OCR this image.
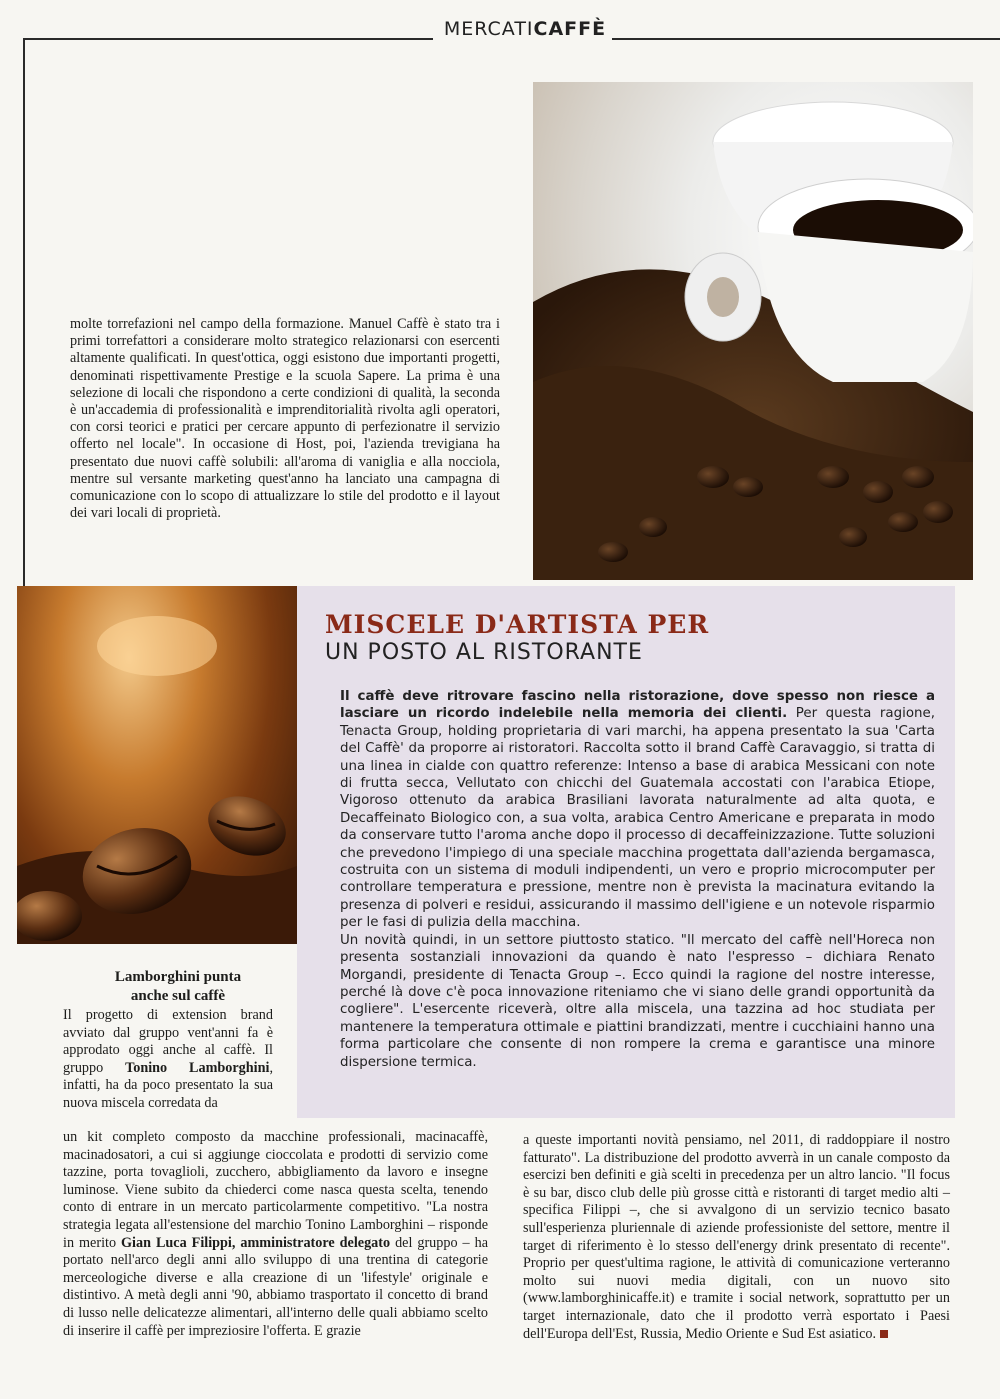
MERCATICAFFÈ
molte torrefazioni nel campo della formazione. Manuel Caffè è stato tra i primi torrefattori a considerare molto strategico relazionarsi con esercenti altamente qualificati. In quest'ottica, oggi esistono due importanti progetti, denominati rispettivamente Prestige e la scuola Sapere. La prima è una selezione di locali che rispondono a certe condizioni di qualità, la seconda è un'accademia di professionalità e imprenditorialità rivolta agli operatori, con corsi teorici e pratici per cercare appunto di perfezionatre il servizio offerto nel locale". In occasione di Host, poi, l'azienda trevigiana ha presentato due nuovi caffè solubili: all'aroma di vaniglia e alla nocciola, mentre sul versante marketing quest'anno ha lanciato una campagna di comunicazione con lo scopo di attualizzare lo stile del prodotto e il layout dei vari locali di proprietà.
MISCELE D'ARTISTA PER
UN POSTO AL RISTORANTE
Il caffè deve ritrovare fascino nella ristorazione, dove spesso non riesce a lasciare un ricordo indelebile nella memoria dei clienti. Per questa ragione, Tenacta Group, holding proprietaria di vari marchi, ha appena presentato la sua 'Carta del Caffè' da proporre ai ristoratori. Raccolta sotto il brand Caffè Caravaggio, si tratta di una linea in cialde con quattro referenze: Intenso a base di arabica Messicani con note di frutta secca, Vellutato con chicchi del Guatemala accostati con l'arabica Etiope, Vigoroso ottenuto da arabica Brasiliani lavorata naturalmente ad alta quota, e Decaffeinato Biologico con, a sua volta, arabica Centro Americane e preparata in modo da conservare tutto l'aroma anche dopo il processo di decaffeinizzazione. Tutte soluzioni che prevedono l'impiego di una speciale macchina progettata dall'azienda bergamasca, costruita con un sistema di moduli indipendenti, un vero e proprio microcomputer per controllare temperatura e pressione, mentre non è prevista la macinatura evitando la presenza di polveri e residui, assicurando il massimo dell'igiene e un notevole risparmio per le fasi di pulizia della macchina.
Un novità quindi, in un settore piuttosto statico. "Il mercato del caffè nell'Horeca non presenta sostanziali innovazioni da quando è nato l'espresso – dichiara Renato Morgandi, presidente di Tenacta Group –. Ecco quindi la ragione del nostre interesse, perché là dove c'è poca innovazione riteniamo che vi siano delle grandi opportunità da cogliere". L'esercente riceverà, oltre alla miscela, una tazzina ad hoc studiata per mantenere la temperatura ottimale e piattini brandizzati, mentre i cucchiaini hanno una forma particolare che consente di non rompere la crema e garantisce una minore dispersione termica.
Lamborghini punta
anche sul caffè
Il progetto di extension brand avviato dal gruppo vent'anni fa è approdato oggi anche al caffè. Il gruppo Tonino Lamborghini, infatti, ha da poco presentato la sua nuova miscela corredata da
un kit completo composto da macchine professionali, macinacaffè, macinadosatori, a cui si aggiunge cioccolata e prodotti di servizio come tazzine, porta tovaglioli, zucchero, abbigliamento da lavoro e insegne luminose. Viene subito da chiederci come nasca questa scelta, tenendo conto di entrare in un mercato particolarmente competitivo. "La nostra strategia legata all'estensione del marchio Tonino Lamborghini – risponde in merito Gian Luca Filippi, amministratore delegato del gruppo – ha portato nell'arco degli anni allo sviluppo di una trentina di categorie merceologiche diverse e alla creazione di un 'lifestyle' originale e distintivo. A metà degli anni '90, abbiamo trasportato il concetto di brand di lusso nelle delicatezze alimentari, all'interno delle quali abbiamo scelto di inserire il caffè per impreziosire l'offerta. E grazie
a queste importanti novità pensiamo, nel 2011, di raddoppiare il nostro fatturato". La distribuzione del prodotto avverrà in un canale composto da esercizi ben definiti e già scelti in precedenza per un altro lancio. "Il focus è su bar, disco club delle più grosse città e ristoranti di target medio alti – specifica Filippi –, che si avvalgono di un servizio tecnico basato sull'esperienza pluriennale di aziende professioniste del settore, mentre il target di riferimento è lo stesso dell'energy drink presentato di recente". Proprio per quest'ultima ragione, le attività di comunicazione verteranno molto sui nuovi media digitali, con un nuovo sito (www.lamborghinicaffe.it) e tramite i social network, soprattutto per un target internazionale, dato che il prodotto verrà esportato i Paesi dell'Europa dell'Est, Russia, Medio Oriente e Sud Est asiatico.
